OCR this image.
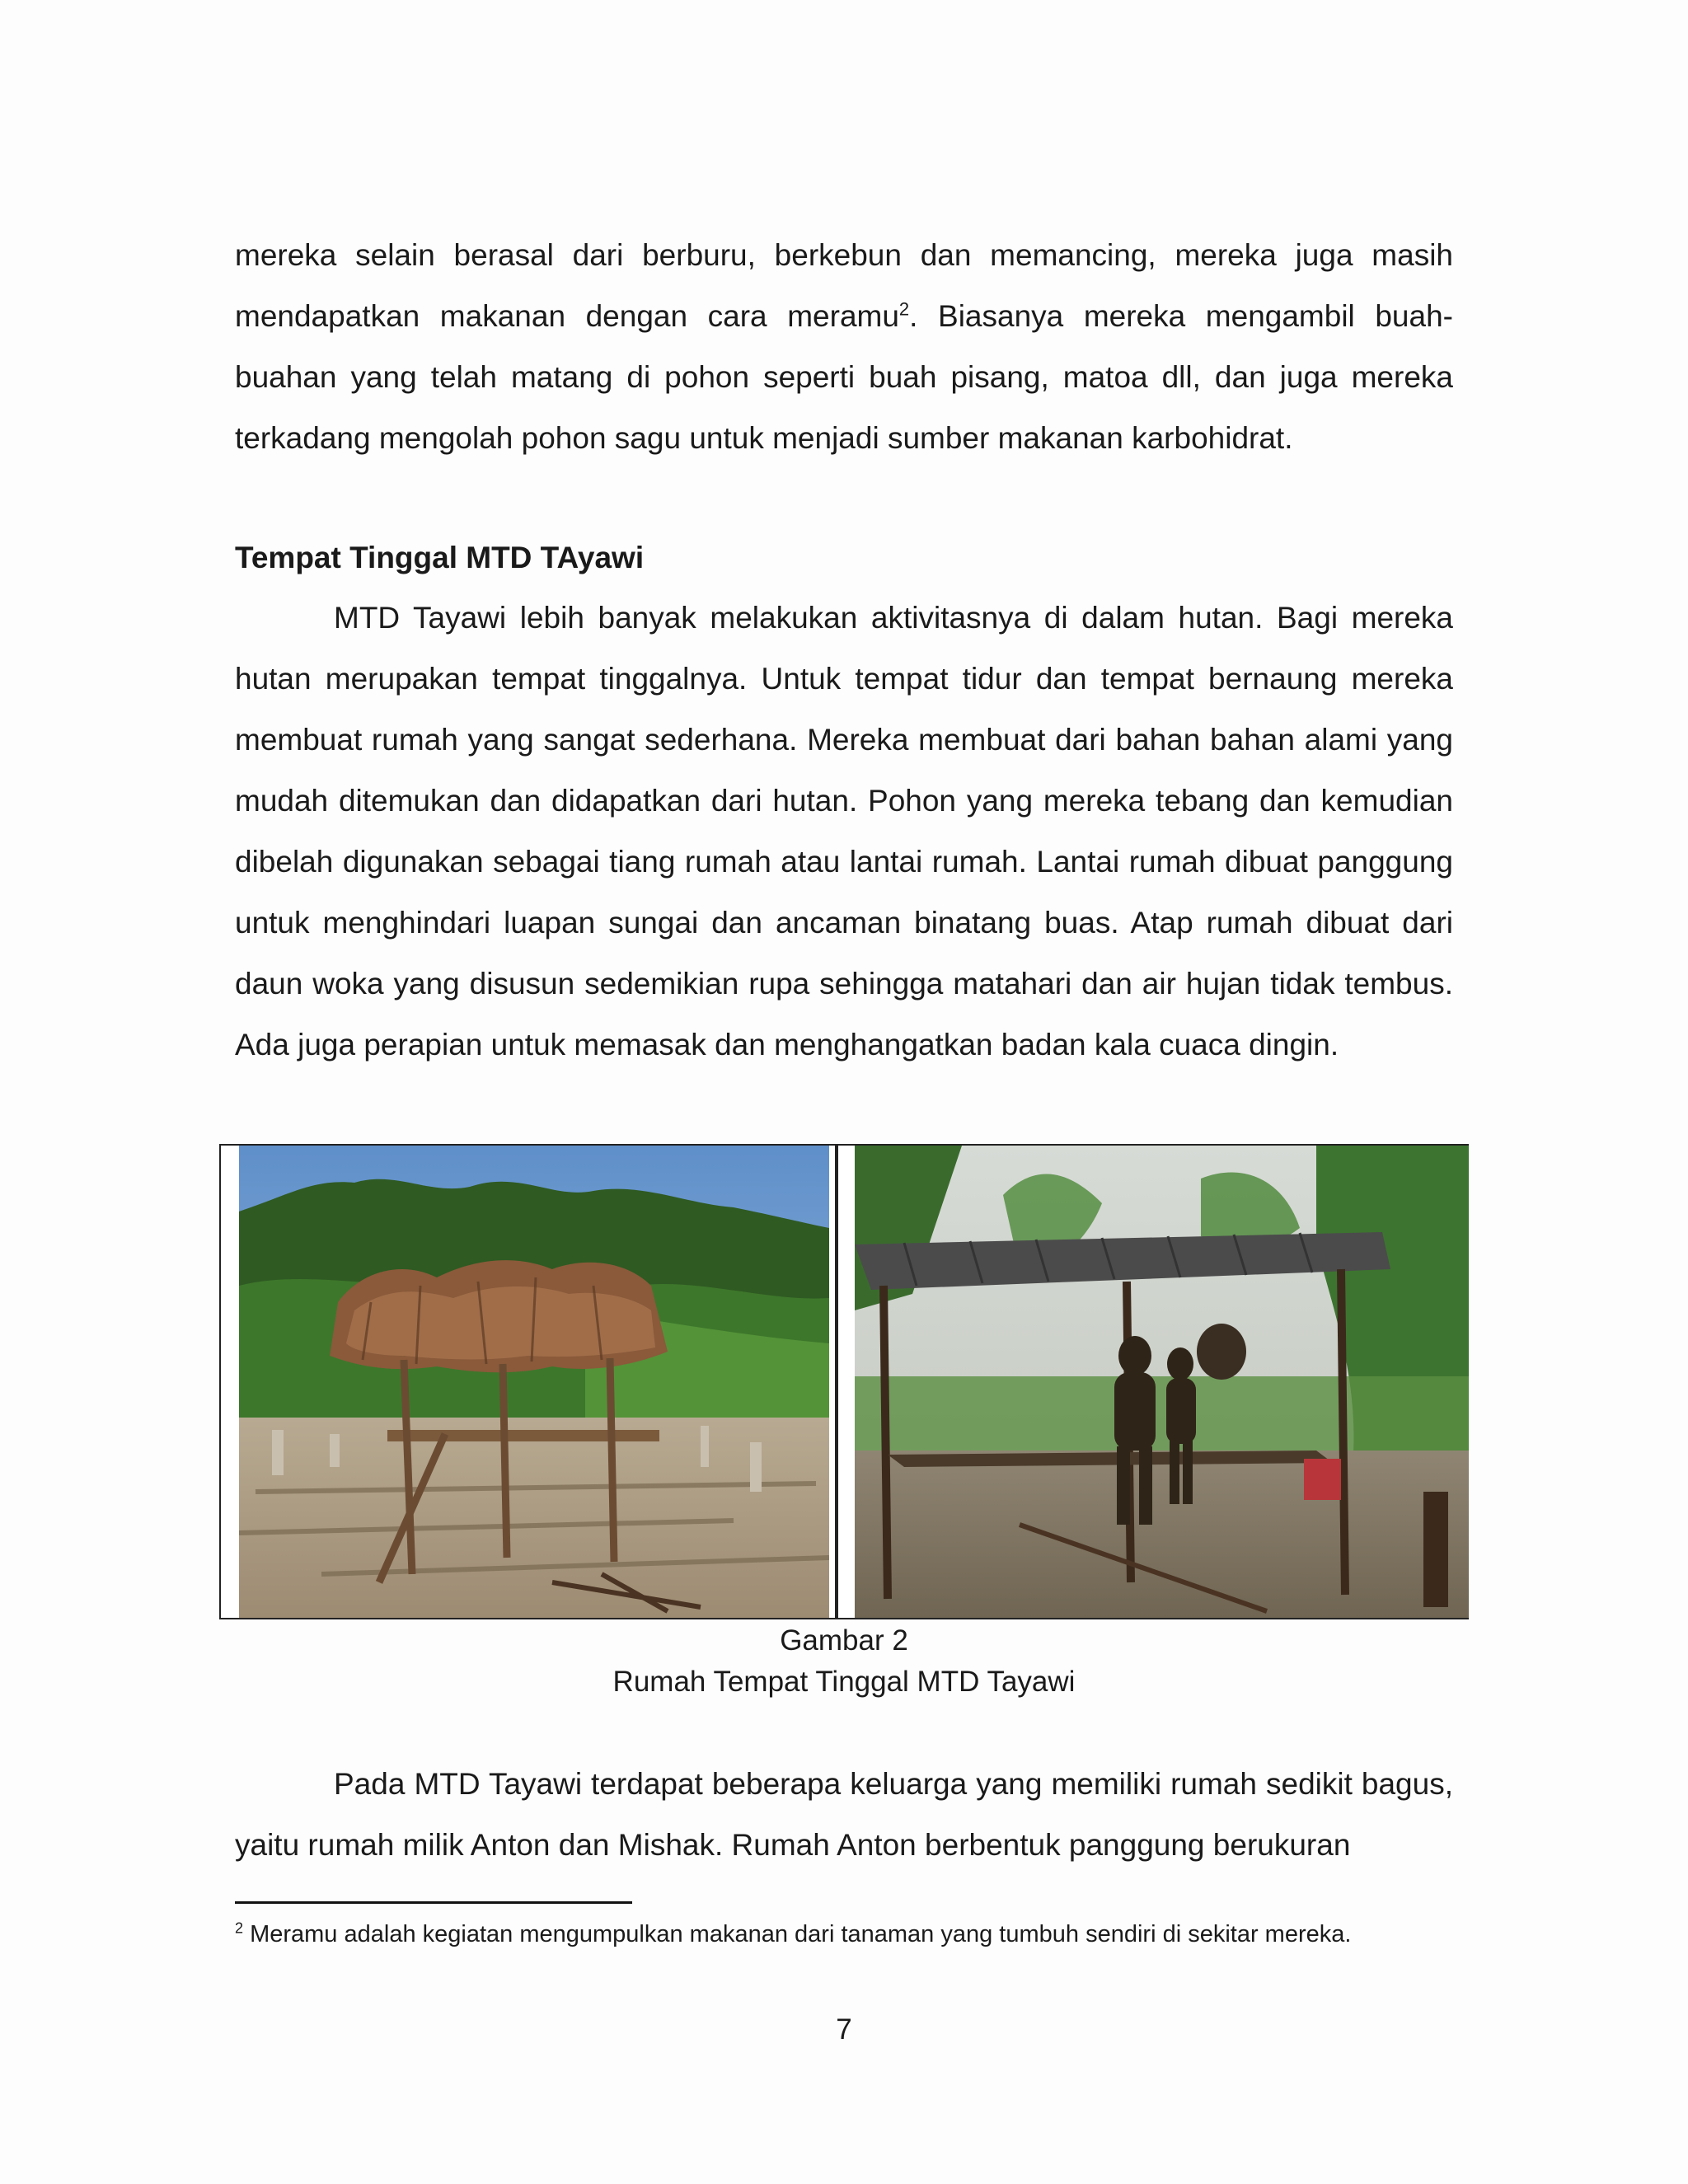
mereka selain berasal dari berburu, berkebun dan memancing, mereka juga masih mendapatkan makanan dengan cara meramu$^2$. Biasanya mereka mengambil buah-buahan yang telah matang di pohon seperti buah pisang, matoa dll, dan juga mereka terkadang mengolah pohon sagu untuk menjadi sumber makanan karbohidrat.

Tempat Tinggal MTD TAyawi

MTD Tayawi lebih banyak melakukan aktivitasnya di dalam hutan. Bagi mereka hutan merupakan tempat tinggalnya. Untuk tempat tidur dan tempat bernaung mereka membuat rumah yang sangat sederhana. Mereka membuat dari bahan bahan alami yang mudah ditemukan dan didapatkan dari hutan. Pohon yang mereka tebang dan kemudian dibelah digunakan sebagai tiang rumah atau lantai rumah. Lantai rumah dibuat panggung untuk menghindari luapan sungai dan ancaman binatang buas. Atap rumah dibuat dari daun woka yang disusun sedemikian rupa sehingga matahari dan air hujan tidak tembus. Ada juga perapian untuk memasak dan menghangatkan badan kala cuaca dingin.

Gambar 2
Rumah Tempat Tinggal MTD Tayawi

Pada MTD Tayawi terdapat beberapa keluarga yang memiliki rumah sedikit bagus, yaitu rumah milik Anton dan Mishak. Rumah Anton berbentuk panggung berukuran

$^2$ Meramu adalah kegiatan mengumpulkan makanan dari tanaman yang tumbuh sendiri di sekitar mereka.

7
